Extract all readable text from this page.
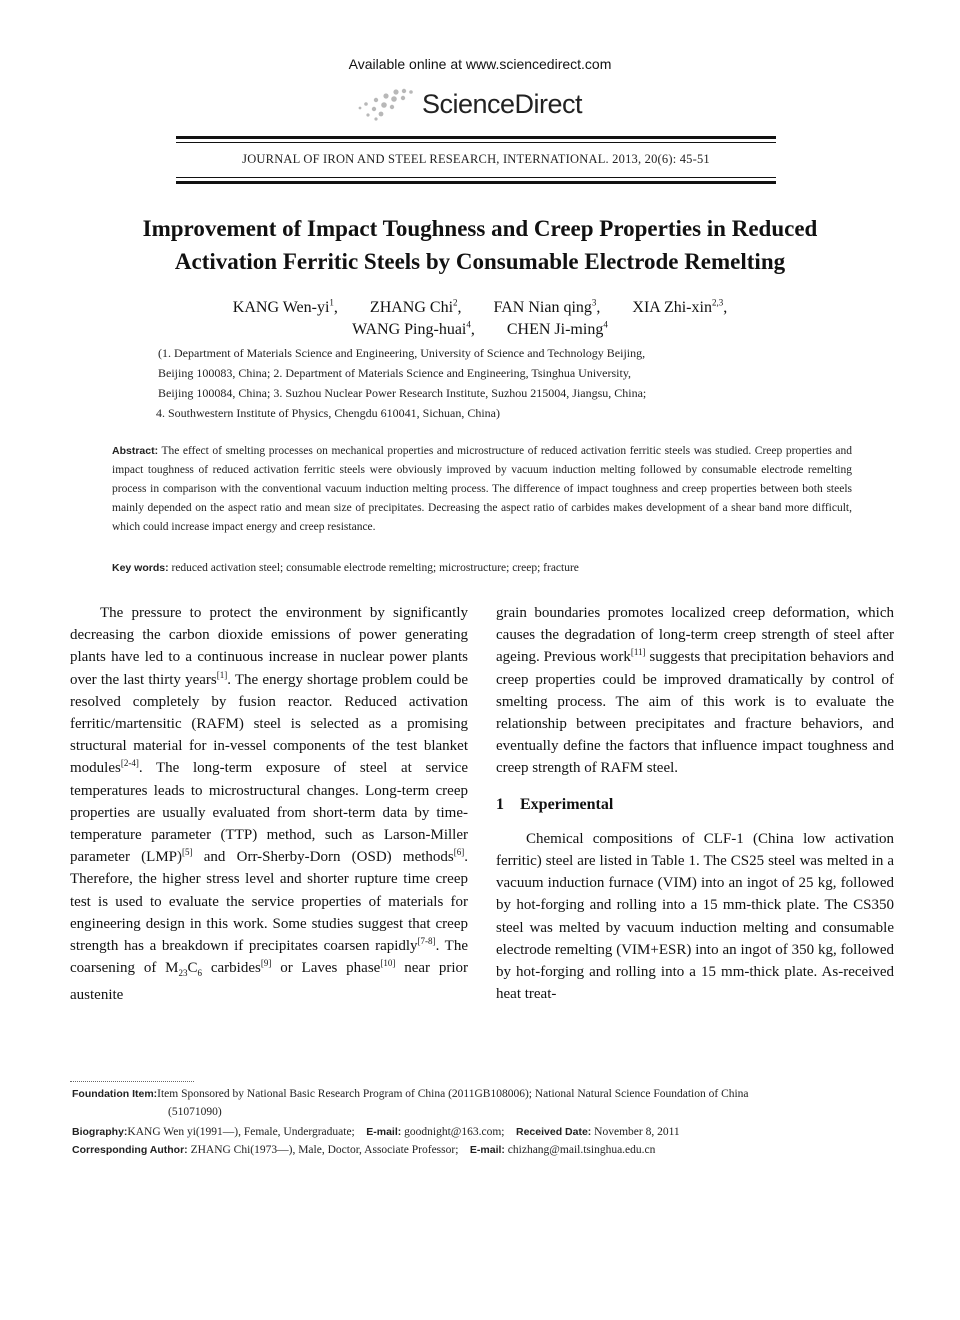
Available online at www.sciencedirect.com
ScienceDirect
JOURNAL OF IRON AND STEEL RESEARCH, INTERNATIONAL. 2013, 20(6): 45-51
Improvement of Impact Toughness and Creep Properties in Reduced
Activation Ferritic Steels by Consumable Electrode Remelting
KANG Wen-$yi^1$, ZHANG Chi$^2$, FAN Nian qing$^3$, XIA Zhi-xin$^{2,3}$,
WANG Ping-huai$^4$, CHEN Ji-ming$^4$
(1. Department of Materials Science and Engineering, University of Science and Technology Beijing,
Beijing 100083, China; 2. Department of Materials Science and Engineering, Tsinghua University,
Beijing 100084, China; 3. Suzhou Nuclear Power Research Institute, Suzhou 215004, Jiangsu, China;
4. Southwestern Institute of Physics, Chengdu 610041, Sichuan, China)
Abstract: The effect of smelting processes on mechanical properties and microstructure of reduced activation ferritic steels was studied. Creep properties and impact toughness of reduced activation ferritic steels were obviously improved by vacuum induction melting followed by consumable electrode remelting process in comparison with the conventional vacuum induction melting process. The difference of impact toughness and creep properties between both steels mainly depended on the aspect ratio and mean size of precipitates. Decreasing the aspect ratio of carbides makes development of a shear band more difficult, which could increase impact energy and creep resistance.
Key words: reduced activation steel; consumable electrode remelting; microstructure; creep; fracture

The pressure to protect the environment by significantly decreasing the carbon dioxide emissions of power generating plants have led to a continuous increase in nuclear power plants over the last thirty years[1]. The energy shortage problem could be resolved completely by fusion reactor. Reduced activation ferritic/martensitic (RAFM) steel is selected as a promising structural material for in-vessel components of the test blanket modules[2-4]. The long-term exposure of steel at service temperatures leads to microstructural changes. Long-term creep properties are usually evaluated from short-term data by time-temperature parameter (TTP) method, such as Larson-Miller parameter (LMP)[5] and Orr-Sherby-Dorn (OSD) methods[6]. Therefore, the higher stress level and shorter rupture time creep test is used to evaluate the service properties of materials for engineering design in this work. Some studies suggest that creep strength has a breakdown if precipitates coarsen rapidly[7-8]. The coarsening of $M_{23}C_6$ carbides[9] or Laves phase[10] near prior austenite

grain boundaries promotes localized creep deformation, which causes the degradation of long-term creep strength of steel after ageing. Previous work[11] suggests that precipitation behaviors and creep properties could be improved dramatically by control of smelting process. The aim of this work is to evaluate the relationship between precipitates and fracture behaviors, and eventually define the factors that influence impact toughness and creep strength of RAFM steel.

1 Experimental

Chemical compositions of CLF-1 (China low activation ferritic) steel are listed in Table 1. The CS25 steel was melted in a vacuum induction furnace (VIM) into an ingot of 25 kg, followed by hot-forging and rolling into a 15 mm-thick plate. The CS350 steel was melted by vacuum induction melting and consumable electrode remelting (VIM+ESR) into an ingot of 350 kg, followed by hot-forging and rolling into a 15 mm-thick plate. As-received heat treat-

Foundation Item:Item Sponsored by National Basic Research Program of China (2011GB108006); National Natural Science Foundation of China
(51071090)
Biography:KANG Wen yi(1991—), Female, Undergraduate; E-mail: goodnight@163.com; Received Date: November 8, 2011
Corresponding Author: ZHANG Chi(1973—), Male, Doctor, Associate Professor; E-mail: chizhang@mail.tsinghua.edu.cn
